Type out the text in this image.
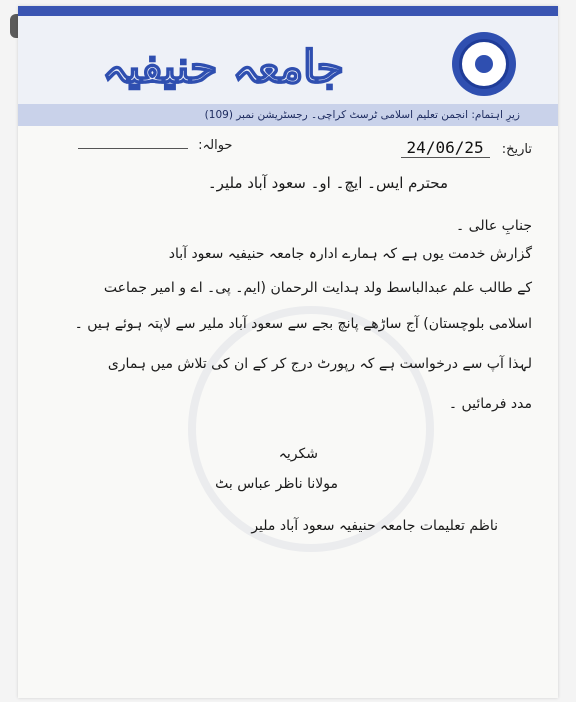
جامعہ حنیفیہ
زیرِ اہتمام: انجمن تعلیم اسلامی ٹرسٹ کراچی۔ رجسٹریشن نمبر (109)
تاریخ: 24/06/25
حوالہ:
محترم ایس۔ ایچ۔ او۔ سعود آباد ملیر۔
جنابِ عالی ۔
گزارش خدمت یوں ہے کہ ہمارے ادارہ جامعہ حنیفیہ سعود آباد
کے طالب علم عبدالباسط ولد ہدایت الرحمان (ایم۔ پی۔ اے و امیر جماعت
اسلامی بلوچستان) آج ساڑھے پانچ بجے سے سعود آباد ملیر سے لاپتہ ہوئے ہیں ۔
لہذا آپ سے درخواست ہے کہ رپورٹ درج کر کے ان کی تلاش میں ہماری
مدد فرمائیں ۔
شکریہ
مولانا ناظر عباس بٹ
ناظم تعلیمات جامعہ حنیفیہ سعود آباد ملیر
